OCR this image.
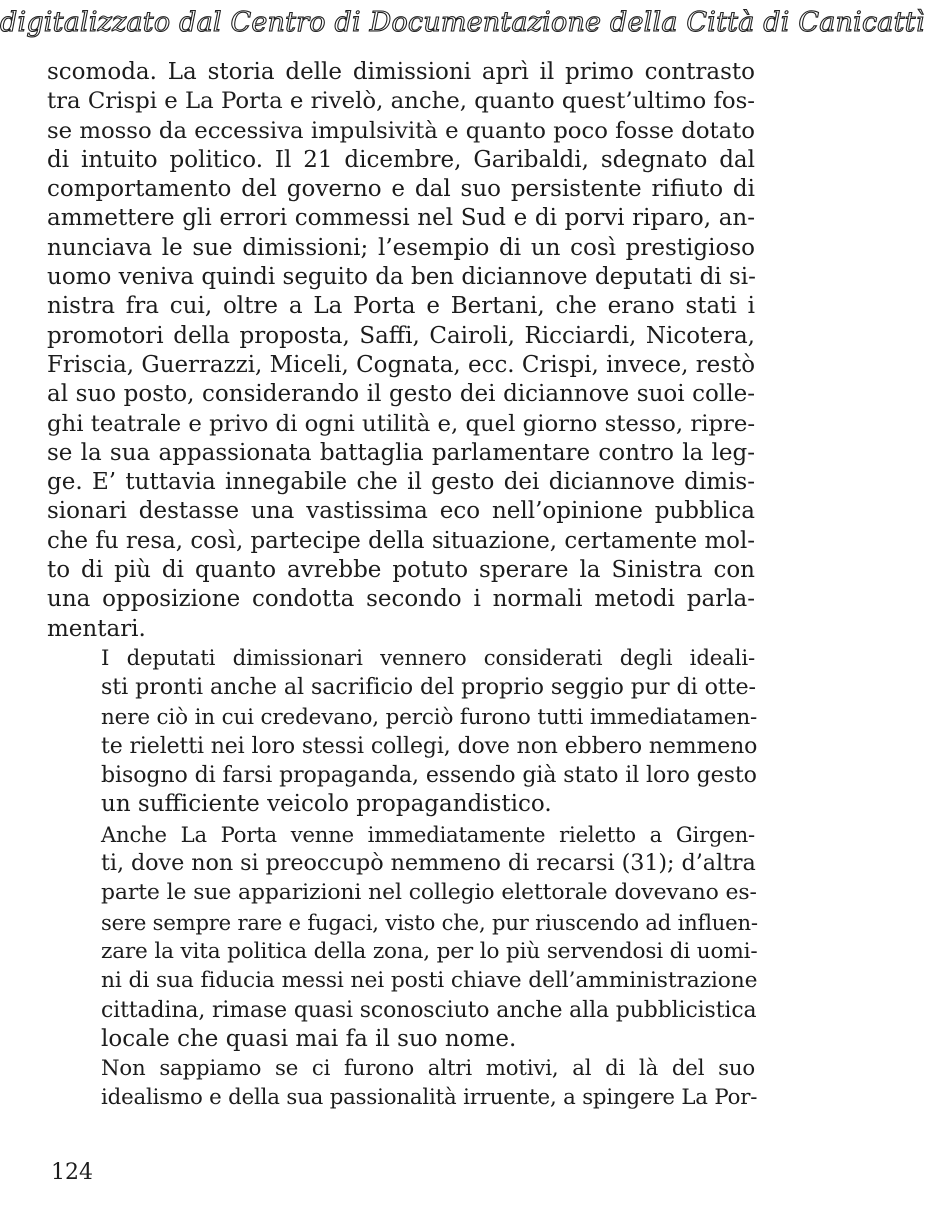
digitalizzato dal Centro di Documentazione della Città di Canicattì

scomoda. La storia delle dimissioni aprì il primo contrasto
tra Crispi e La Porta e rivelò, anche, quanto quest’ultimo fos-
se mosso da eccessiva impulsività e quanto poco fosse dotato
di intuito politico. Il 21 dicembre, Garibaldi, sdegnato dal
comportamento del governo e dal suo persistente rifiuto di
ammettere gli errori commessi nel Sud e di porvi riparo, an-
nunciava le sue dimissioni; l’esempio di un così prestigioso
uomo veniva quindi seguito da ben diciannove deputati di si-
nistra fra cui, oltre a La Porta e Bertani, che erano stati i
promotori della proposta, Saffi, Cairoli, Ricciardi, Nicotera,
Friscia, Guerrazzi, Miceli, Cognata, ecc. Crispi, invece, restò
al suo posto, considerando il gesto dei diciannove suoi colle-
ghi teatrale e privo di ogni utilità e, quel giorno stesso, ripre-
se la sua appassionata battaglia parlamentare contro la leg-
ge. E’ tuttavia innegabile che il gesto dei diciannove dimis-
sionari destasse una vastissima eco nell’opinione pubblica
che fu resa, così, partecipe della situazione, certamente mol-
to di più di quanto avrebbe potuto sperare la Sinistra con
una opposizione condotta secondo i normali metodi parla-
mentari.

I deputati dimissionari vennero considerati degli ideali-
sti pronti anche al sacrificio del proprio seggio pur di otte-
nere ciò in cui credevano, perciò furono tutti immediatamen-
te rieletti nei loro stessi collegi, dove non ebbero nemmeno
bisogno di farsi propaganda, essendo già stato il loro gesto
un sufficiente veicolo propagandistico.

Anche La Porta venne immediatamente rieletto a Girgen-
ti, dove non si preoccupò nemmeno di recarsi (31); d’altra
parte le sue apparizioni nel collegio elettorale dovevano es-
sere sempre rare e fugaci, visto che, pur riuscendo ad influen-
zare la vita politica della zona, per lo più servendosi di uomi-
ni di sua fiducia messi nei posti chiave dell’amministrazione
cittadina, rimase quasi sconosciuto anche alla pubblicistica
locale che quasi mai fa il suo nome.

Non sappiamo se ci furono altri motivi, al di là del suo
idealismo e della sua passionalità irruente, a spingere La Por-

124
